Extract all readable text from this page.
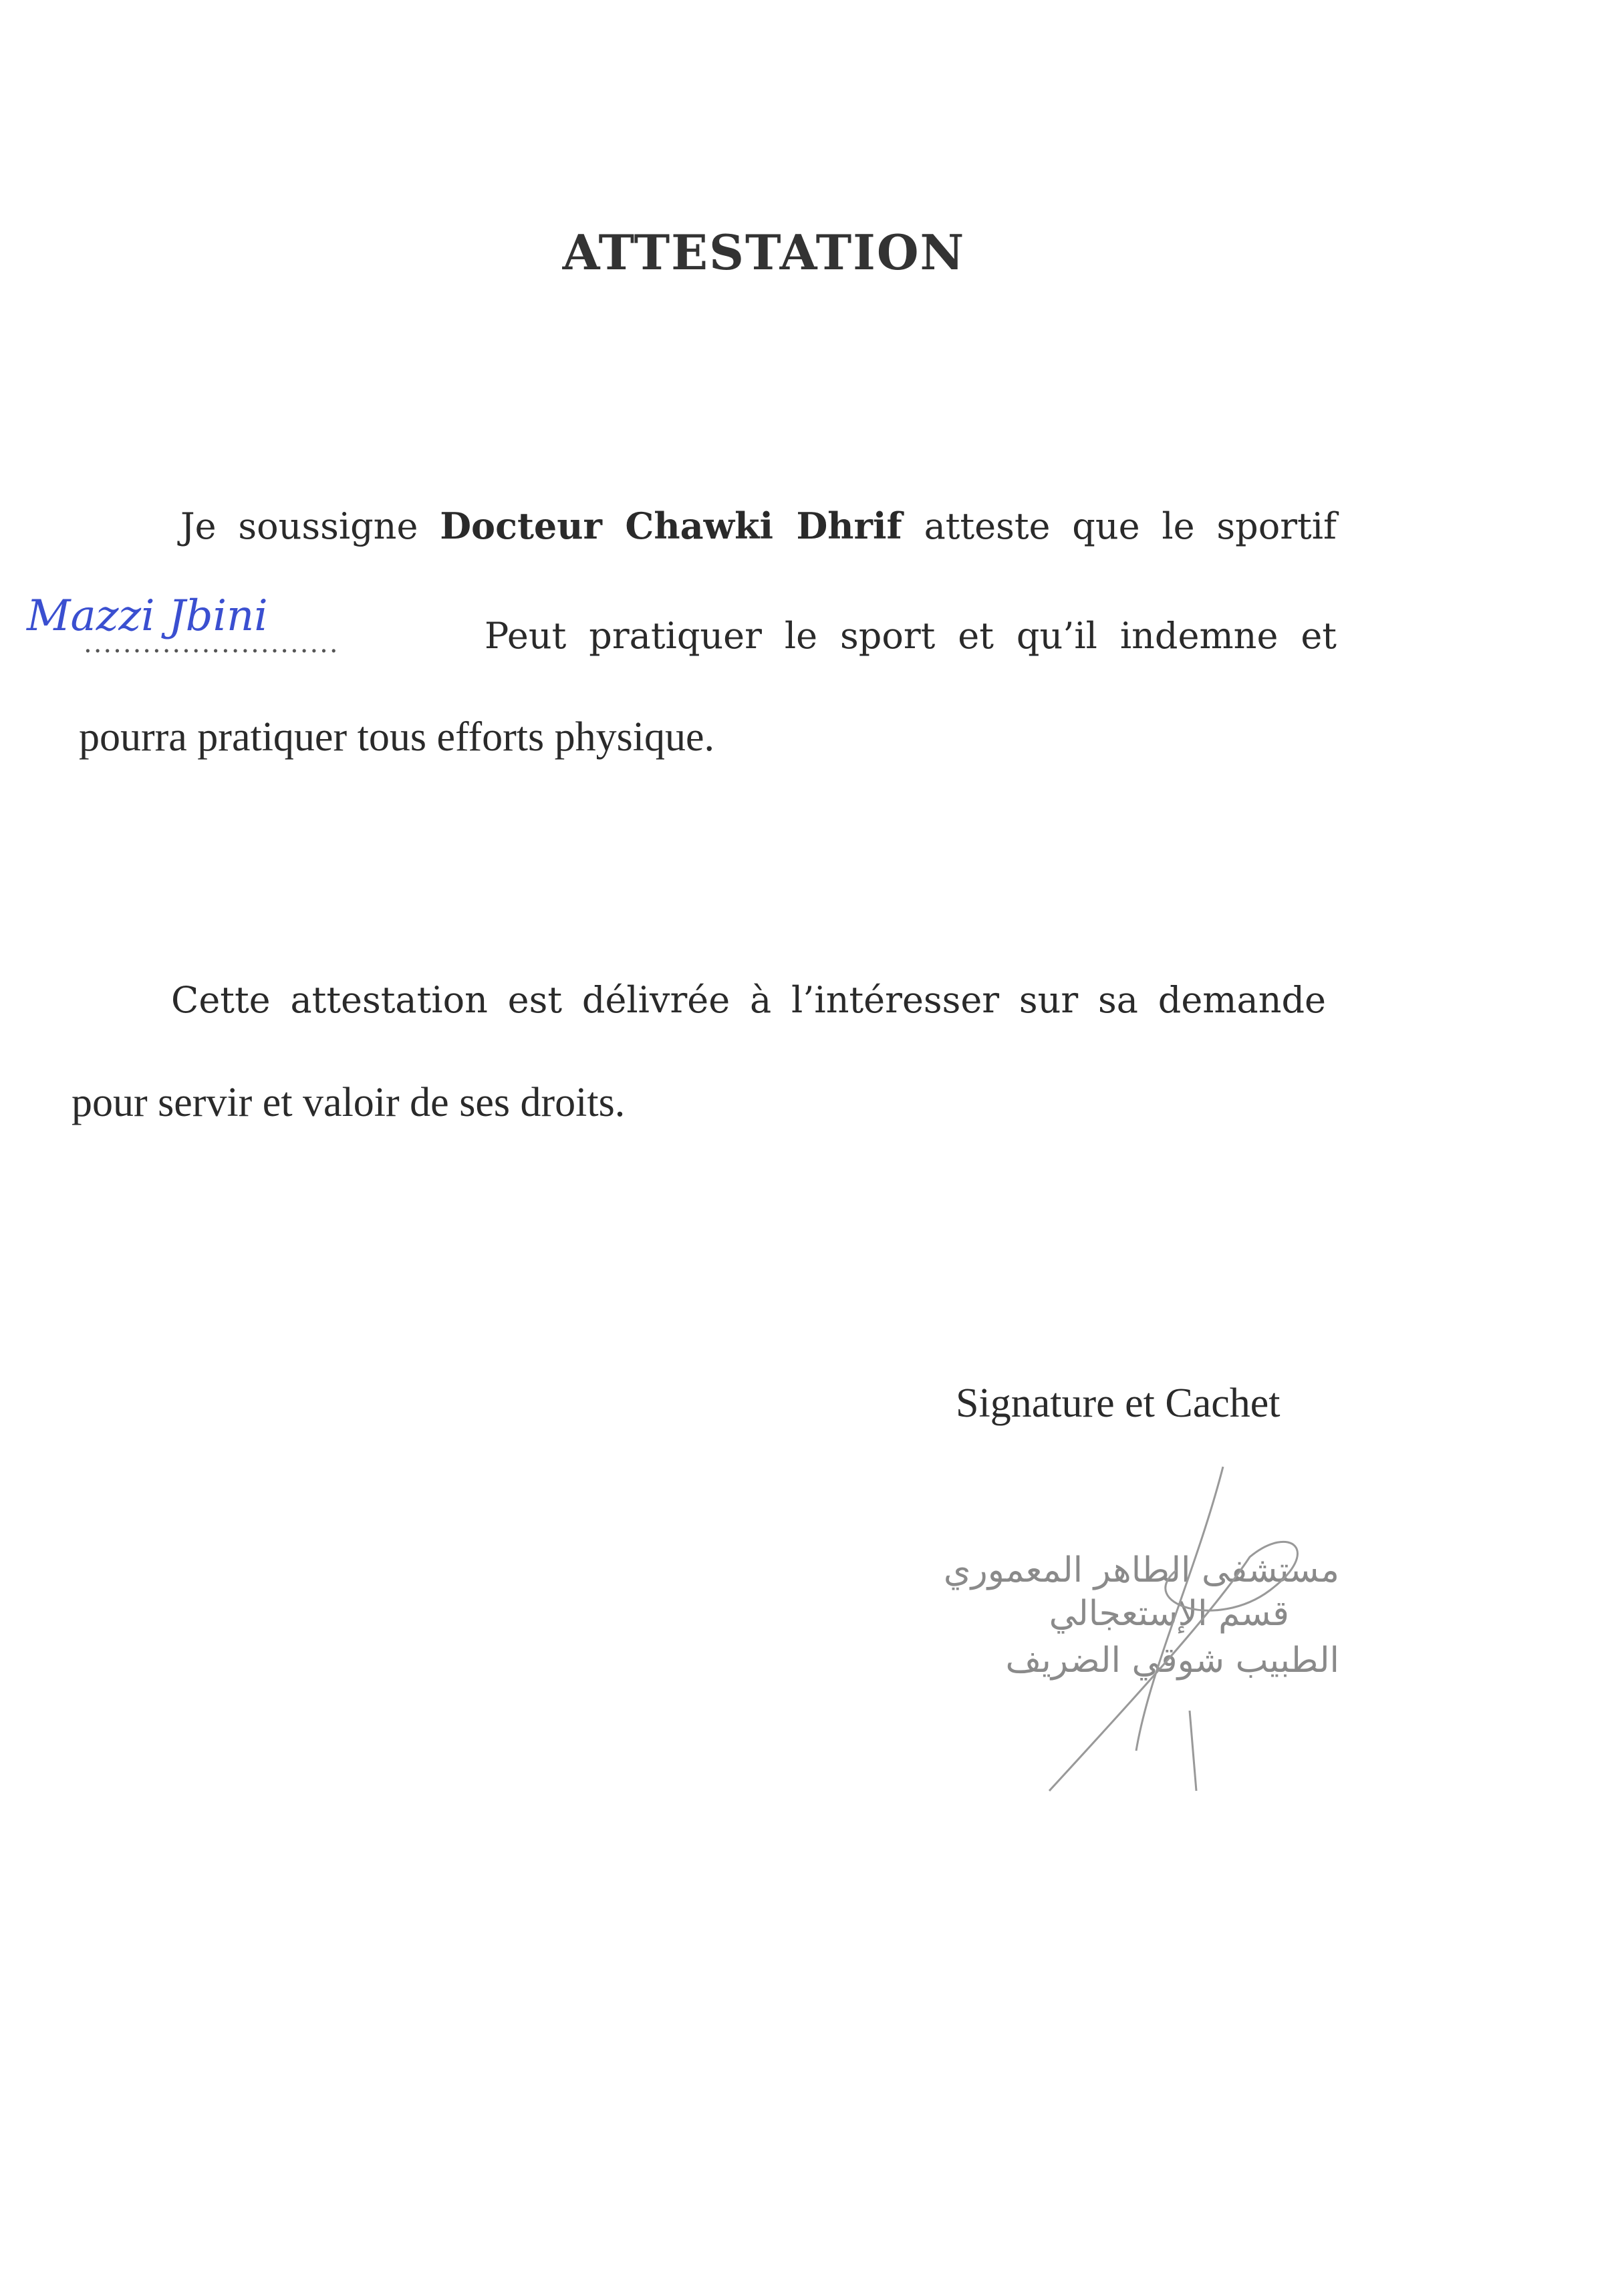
ATTESTATION
Je soussigne Docteur Chawki Dhrif atteste que le sportif
..........................
Mazzi Jbini	Peut pratiquer le sport et qu’il indemne et
pourra pratiquer tous efforts physique.
Cette attestation est délivrée à l’intéresser sur sa demande
pour servir et valoir de ses droits.
Signature et Cachet
مستشفى الطاهر المعموري
قسم الإستعجالي
الطبيب شوقي الضريف
